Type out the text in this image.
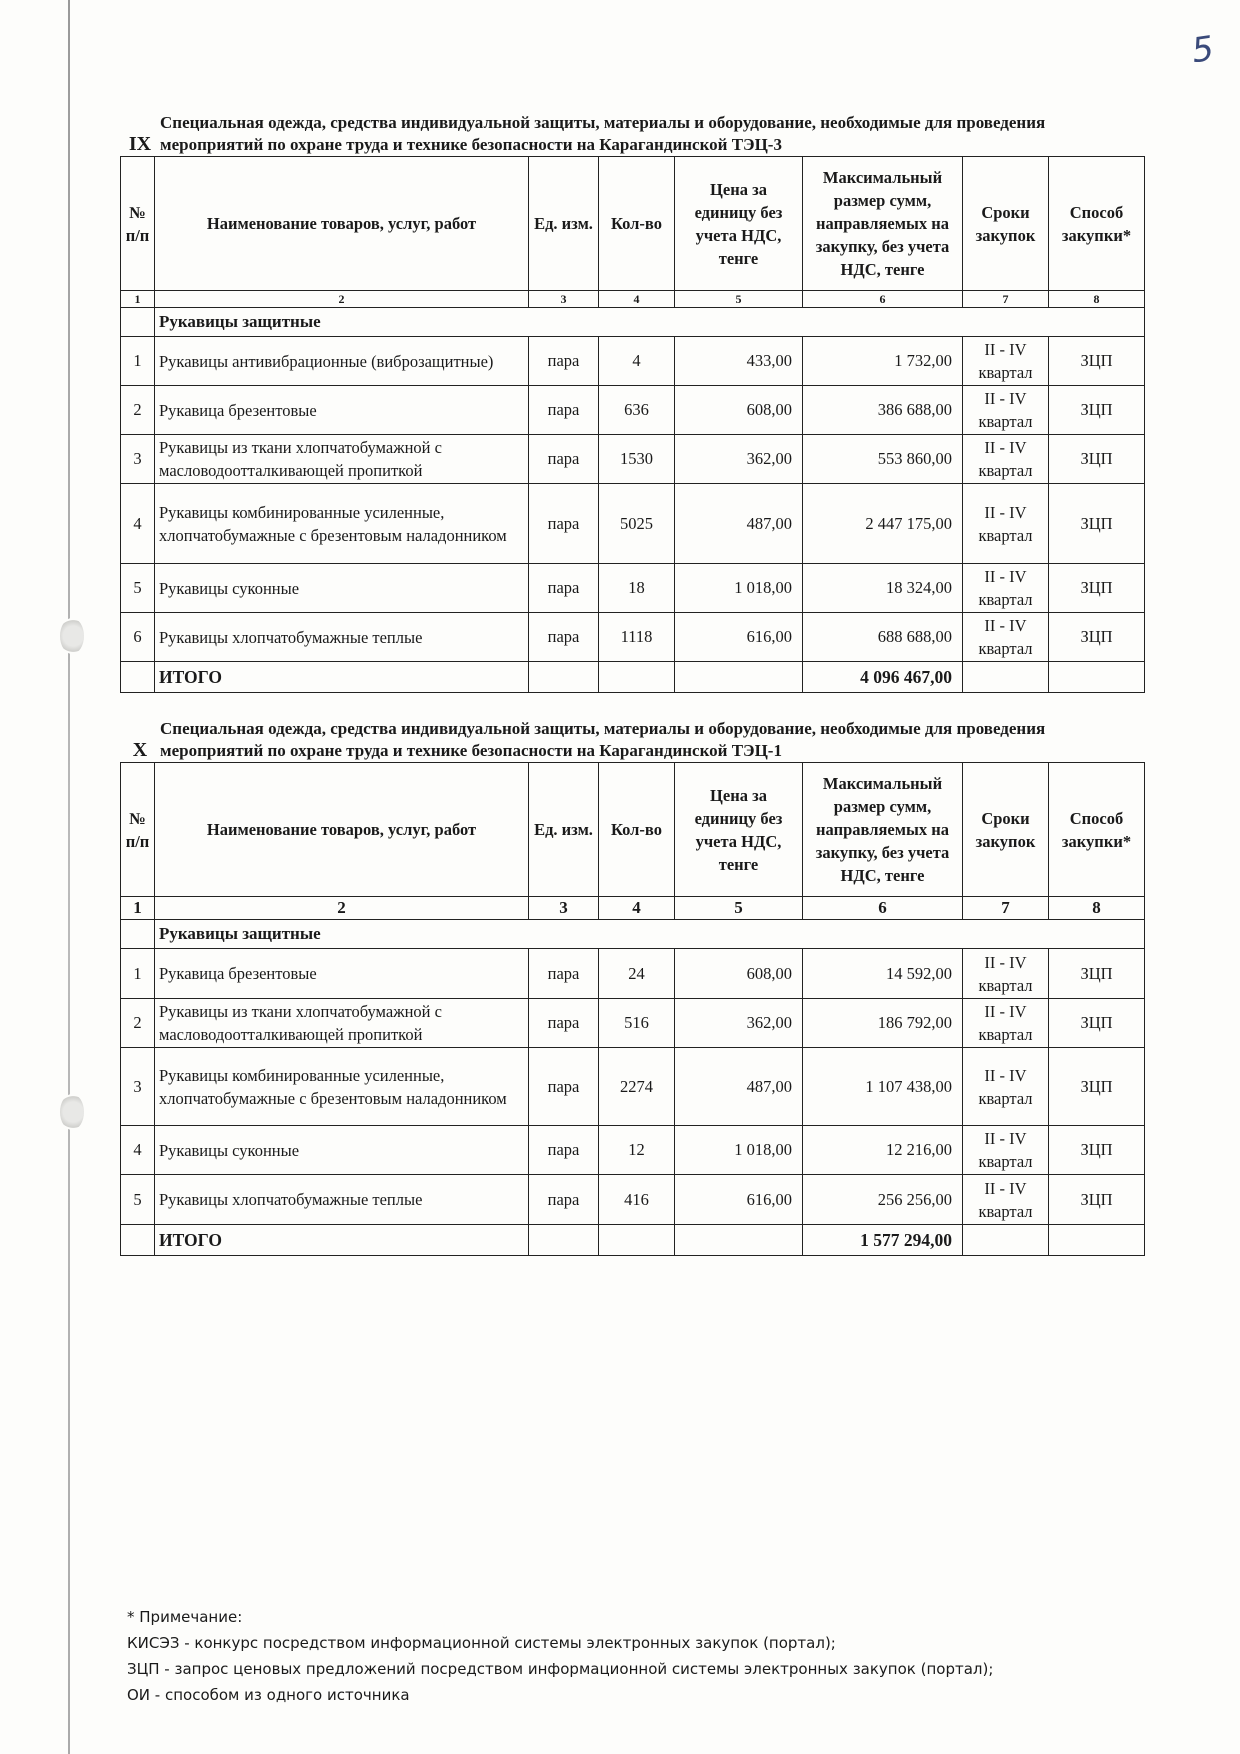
5
IX
Специальная одежда, средства индивидуальной защиты, материалы и оборудование, необходимые для проведения мероприятий по охране труда и технике безопасности на Карагандинской ТЭЦ-3
№ п/п	Наименование товаров, услуг, работ	Ед. изм.	Кол-во	Цена за единицу без учета НДС, тенге	Максимальный размер сумм, направляемых на закупку, без учета НДС, тенге	Сроки закупок	Способ закупки*
1	2	3	4	5	6	7	8
	Рукавицы защитные						
1	Рукавицы антивибрационные (виброзащитные)	пара	4	433,00	1 732,00	II - IV квартал	ЗЦП
2	Рукавица брезентовые	пара	636	608,00	386 688,00	II - IV квартал	ЗЦП
3	Рукавицы из ткани хлопчатобумажной с масловодоотталкивающей пропиткой	пара	1530	362,00	553 860,00	II - IV квартал	ЗЦП
4	Рукавицы комбинированные усиленные, хлопчатобумажные с брезентовым наладонником	пара	5025	487,00	2 447 175,00	II - IV квартал	ЗЦП
5	Рукавицы суконные	пара	18	1 018,00	18 324,00	II - IV квартал	ЗЦП
6	Рукавицы хлопчатобумажные теплые	пара	1118	616,00	688 688,00	II - IV квартал	ЗЦП
	ИТОГО				4 096 467,00		
X
Специальная одежда, средства индивидуальной защиты, материалы и оборудование, необходимые для проведения мероприятий по охране труда и технике безопасности на Карагандинской ТЭЦ-1
№ п/п	Наименование товаров, услуг, работ	Ед. изм.	Кол-во	Цена за единицу без учета НДС, тенге	Максимальный размер сумм, направляемых на закупку, без учета НДС, тенге	Сроки закупок	Способ закупки*
1	2	3	4	5	6	7	8
	Рукавицы защитные						
1	Рукавица брезентовые	пара	24	608,00	14 592,00	II - IV квартал	ЗЦП
2	Рукавицы из ткани хлопчатобумажной с масловодоотталкивающей пропиткой	пара	516	362,00	186 792,00	II - IV квартал	ЗЦП
3	Рукавицы комбинированные усиленные, хлопчатобумажные с брезентовым наладонником	пара	2274	487,00	1 107 438,00	II - IV квартал	ЗЦП
4	Рукавицы суконные	пара	12	1 018,00	12 216,00	II - IV квартал	ЗЦП
5	Рукавицы хлопчатобумажные теплые	пара	416	616,00	256 256,00	II - IV квартал	ЗЦП
	ИТОГО				1 577 294,00		
* Примечание:
КИСЭЗ - конкурс посредством информационной системы электронных закупок (портал);
ЗЦП - запрос ценовых предложений посредством информационной системы электронных закупок (портал);
ОИ - способом из одного источника
